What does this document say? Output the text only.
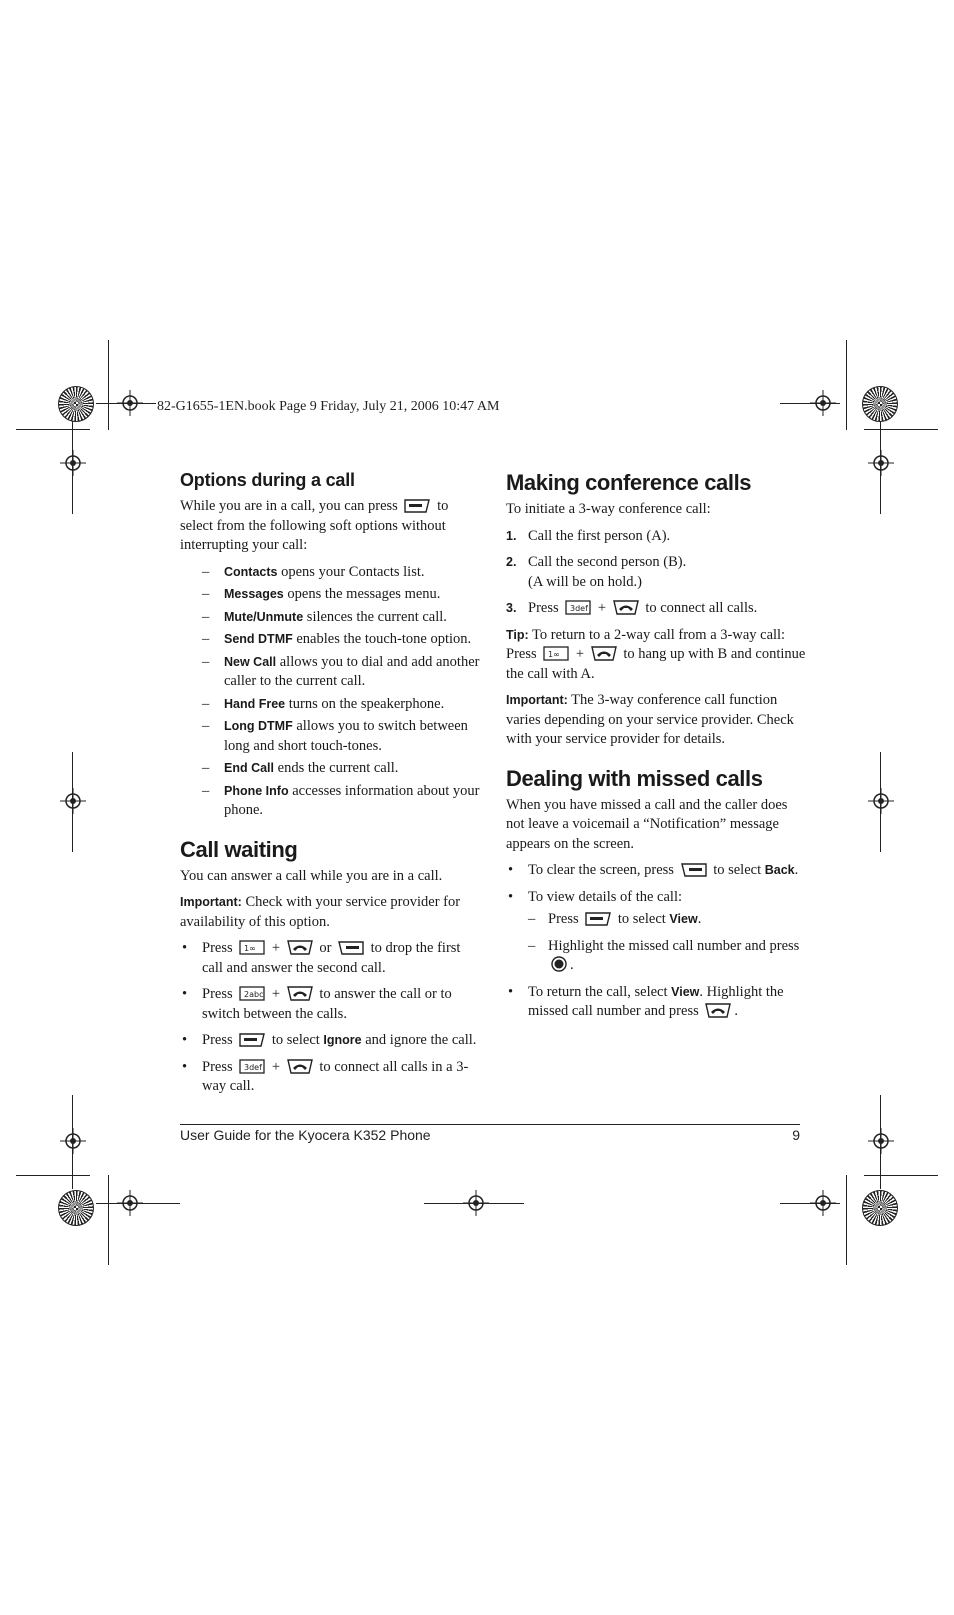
82-G1655-1EN.book Page 9 Friday, July 21, 2006 10:47 AM
Options during a call

While you are in a call, you can press	to select from the following soft options without interrupting your call:

– Contacts opens your Contacts list.
– Messages opens the messages menu.
– Mute/Unmute silences the current call.
– Send DTMF enables the touch-tone option.
– New Call allows you to dial and add another caller to the current call.
– Hand Free turns on the speakerphone.
– Long DTMF allows you to switch between long and short touch-tones.
– End Call ends the current call.
– Phone Info accesses information about your phone.
Call waiting

You can answer a call while you are in a call.

Important: Check with your service provider for availability of this option.

• Press 1∞ +	or	to drop the first call and answer the second call.
• Press 2abc +	to answer the call or to switch between the calls.
• Press	to select Ignore and ignore the call.
• Press 3def +	to connect all calls in a 3-way call.
Making conference calls

To initiate a 3-way conference call:

1. Call the first person (A).
2. Call the second person (B).
(A will be on hold.)
3. Press 3def +	to connect all calls.

Tip: To return to a 2-way call from a 3-way call: Press 1∞ +	to hang up with B and continue the call with A.

Important: The 3-way conference call function varies depending on your service provider. Check with your service provider for details.

Dealing with missed calls

When you have missed a call and the caller does not leave a voicemail a “Notification” message appears on the screen.

• To clear the screen, press	to select Back.
• To view details of the call:
– Press	to select View.
– Highlight the missed call number and press
.
• To return the call, select View. Highlight the missed call number and press .
User Guide for the Kyocera K352 Phone	9
